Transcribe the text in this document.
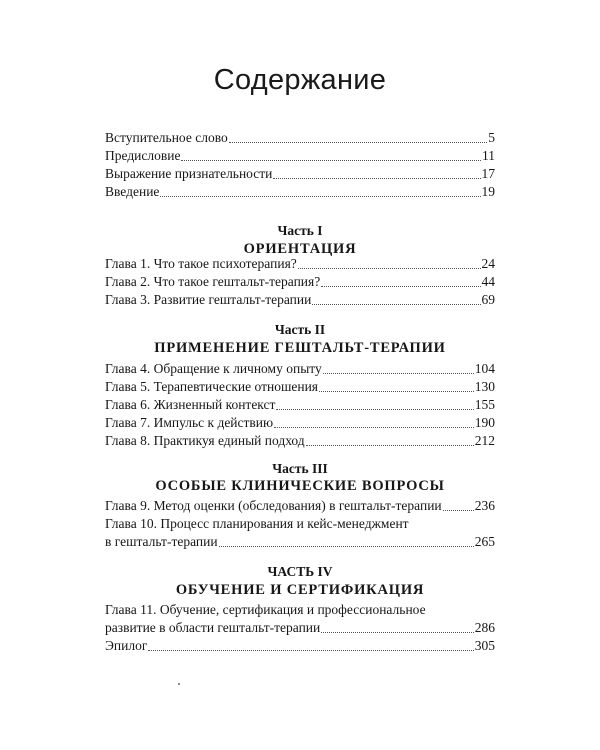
Содержание
Вступительное слово	5
Предисловие	11
Выражение признательности	17
Введение	19
Часть I
ОРИЕНТАЦИЯ
Глава 1. Что такое психотерапия?	24
Глава 2. Что такое гештальт-терапия?	44
Глава 3. Развитие гештальт-терапии	69
Часть II
ПРИМЕНЕНИЕ ГЕШТАЛЬТ-ТЕРАПИИ
Глава 4. Обращение к личному опыту	104
Глава 5. Терапевтические отношения	130
Глава 6. Жизненный контекст	155
Глава 7. Импульс к действию	190
Глава 8. Практикуя единый подход	212
Часть III
ОСОБЫЕ КЛИНИЧЕСКИЕ ВОПРОСЫ
Глава 9. Метод оценки (обследования) в гештальт-терапии 236
Глава 10. Процесс планирования и кейс-менеджмент
в гештальт-терапии	265
ЧАСТЬ IV
ОБУЧЕНИЕ И СЕРТИФИКАЦИЯ
Глава 11. Обучение, сертификация и профессиональное
развитие в области гештальт-терапии	286
Эпилог	305
